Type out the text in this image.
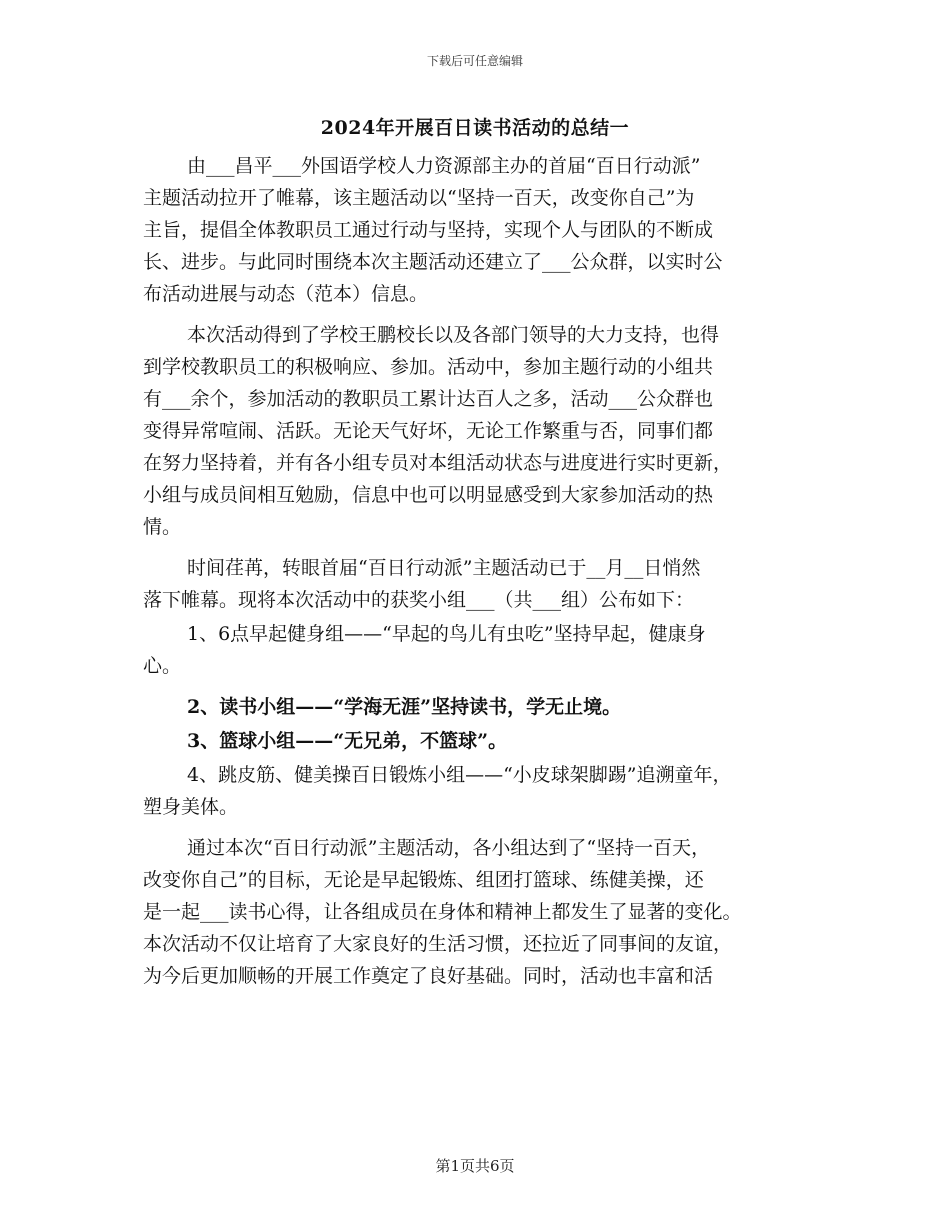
下载后可任意编辑
2024年开展百日读书活动的总结一
由___昌平___外国语学校人力资源部主办的首届“百日行动派”
主题活动拉开了帷幕，该主题活动以“坚持一百天，改变你自己”为
主旨，提倡全体教职员工通过行动与坚持，实现个人与团队的不断成
长、进步。与此同时围绕本次主题活动还建立了___公众群，以实时公
布活动进展与动态（范本）信息。
本次活动得到了学校王鹏校长以及各部门领导的大力支持，也得
到学校教职员工的积极响应、参加。活动中，参加主题行动的小组共
有___余个，参加活动的教职员工累计达百人之多，活动___公众群也
变得异常喧闹、活跃。无论天气好坏，无论工作繁重与否，同事们都
在努力坚持着，并有各小组专员对本组活动状态与进度进行实时更新，
小组与成员间相互勉励，信息中也可以明显感受到大家参加活动的热
情。
时间荏苒，转眼首届“百日行动派”主题活动已于__月__日悄然
落下帷幕。现将本次活动中的获奖小组___（共___组）公布如下：
1、6点早起健身组——“早起的鸟儿有虫吃”坚持早起，健康身
心。
2、读书小组——“学海无涯”坚持读书，学无止境。
3、篮球小组——“无兄弟，不篮球”。
4、跳皮筋、健美操百日锻炼小组——“小皮球架脚踢”追溯童年，
塑身美体。
通过本次“百日行动派”主题活动，各小组达到了“坚持一百天，
改变你自己”的目标，无论是早起锻炼、组团打篮球、练健美操，还
是一起___读书心得，让各组成员在身体和精神上都发生了显著的变化。
本次活动不仅让培育了大家良好的生活习惯，还拉近了同事间的友谊，
为今后更加顺畅的开展工作奠定了良好基础。同时，活动也丰富和活
第1页共6页
